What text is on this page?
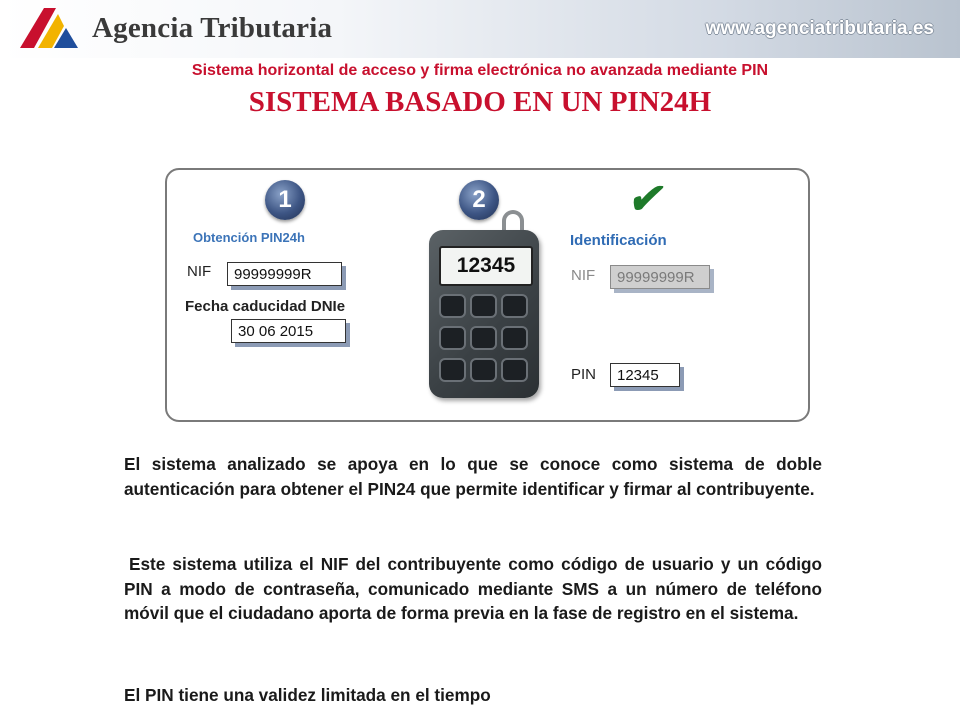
Agencia Tributaria	www.agenciatributaria.es
Sistema horizontal de acceso y firma electrónica no avanzada mediante PIN
SISTEMA BASADO EN UN PIN24H
1	2	✔
Obtención PIN24h
NIF	99999999R
Fecha caducidad DNIe
30 06 2015
12345
Identificación
NIF	99999999R
PIN	12345
El sistema analizado se apoya en lo que se conoce como sistema de doble autenticación para obtener el PIN24 que permite identificar y firmar al contribuyente.
Este sistema utiliza el NIF del contribuyente como código de usuario y un código PIN a modo de contraseña, comunicado mediante SMS a un número de teléfono móvil que el ciudadano aporta de forma previa en la fase de registro en el sistema.
El PIN tiene una validez limitada en el tiempo
